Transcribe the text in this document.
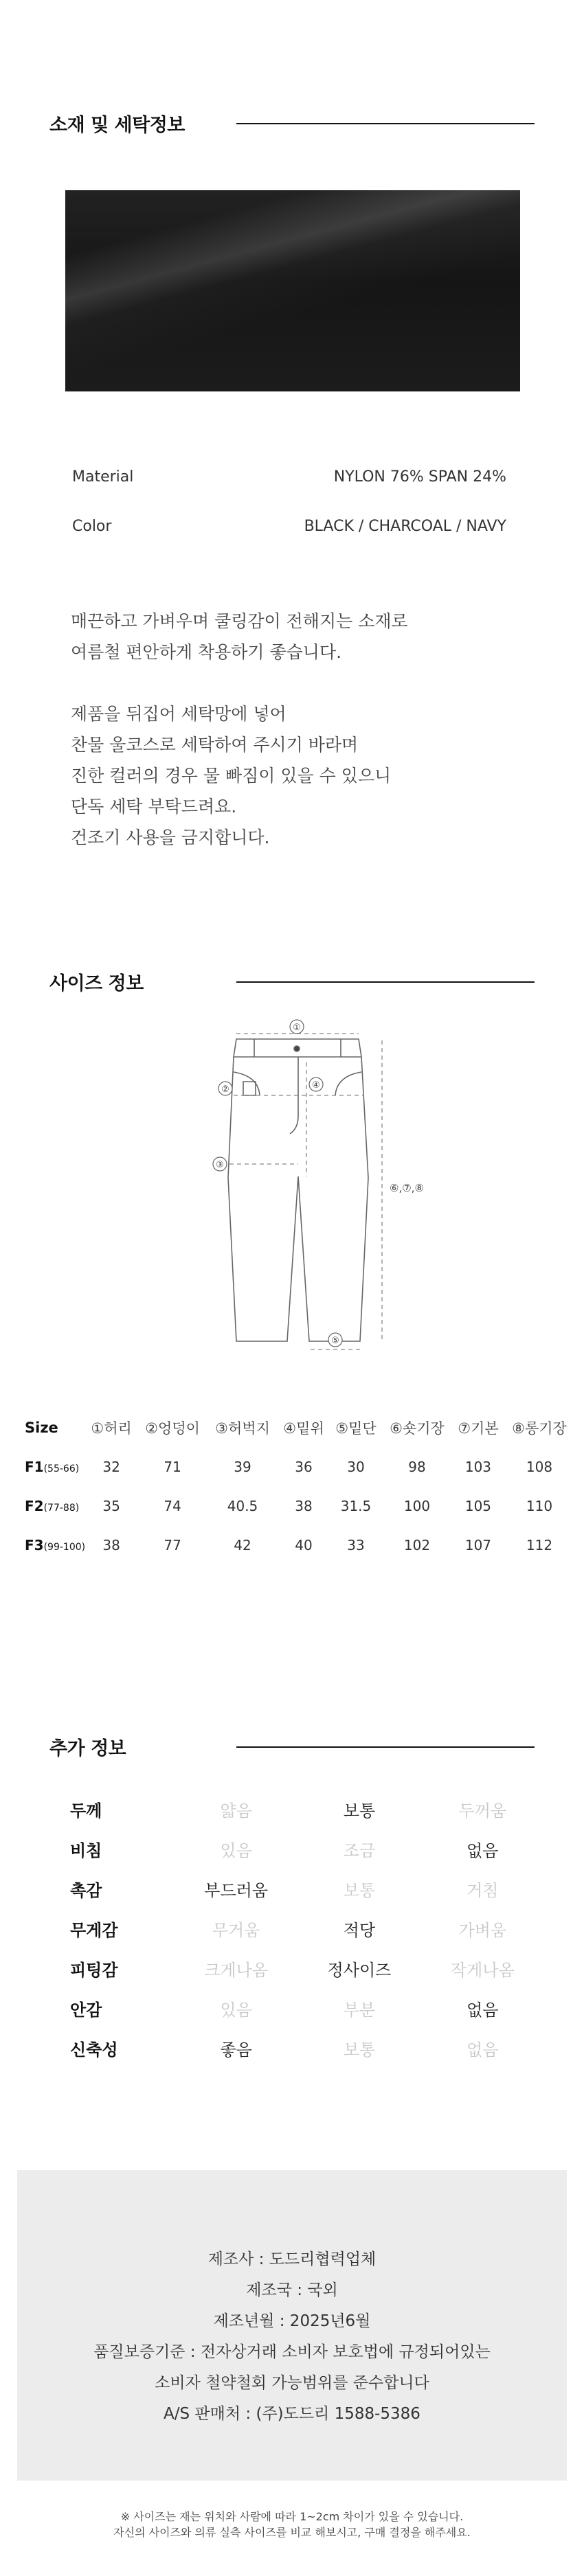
소재 및 세탁정보
Material	NYLON 76% SPAN 24%
Color	BLACK / CHARCOAL / NAVY

매끈하고 가벼우며 쿨링감이 전해지는 소재로

여름철 편안하게 착용하기 좋습니다.

제품을 뒤집어 세탁망에 넣어

찬물 울코스로 세탁하여 주시기 바라며

진한 컬러의 경우 물 빠짐이 있을 수 있으니

단독 세탁 부탁드려요.

건조기 사용을 금지합니다.

사이즈 정보
①
②
③
④
⑤
⑥,⑦,⑧
Size	①허리	②엉덩이	③허벅지	④밑위	⑤밑단	⑥숏기장	⑦기본	⑧롱기장
F1(55-66)	32	71	39	36	30	98	103	108
F2(77-88)	35	74	40.5	38	31.5	100	105	110
F3(99-100)	38	77	42	40	33	102	107	112
추가 정보
두께	얇음	보통	두꺼움
비침	있음	조금	없음
촉감	부드러움	보통	거침
무게감	무거움	적당	가벼움
피팅감	크게나옴	정사이즈	작게나옴
안감	있음	부분	없음
신축성	좋음	보통	없음

제조사 : 도드리협력업체

제조국 : 국외

제조년월 : 2025년6월

품질보증기준 : 전자상거래 소비자 보호법에 규정되어있는

소비자 철약철회 가능범위를 준수합니다

A/S 판매처 : (주)도드리 1588-5386

※ 사이즈는 재는 위치와 사람에 따라 1~2cm 차이가 있을 수 있습니다.

자신의 사이즈와 의류 실측 사이즈를 비교 해보시고, 구매 결정을 해주세요.
